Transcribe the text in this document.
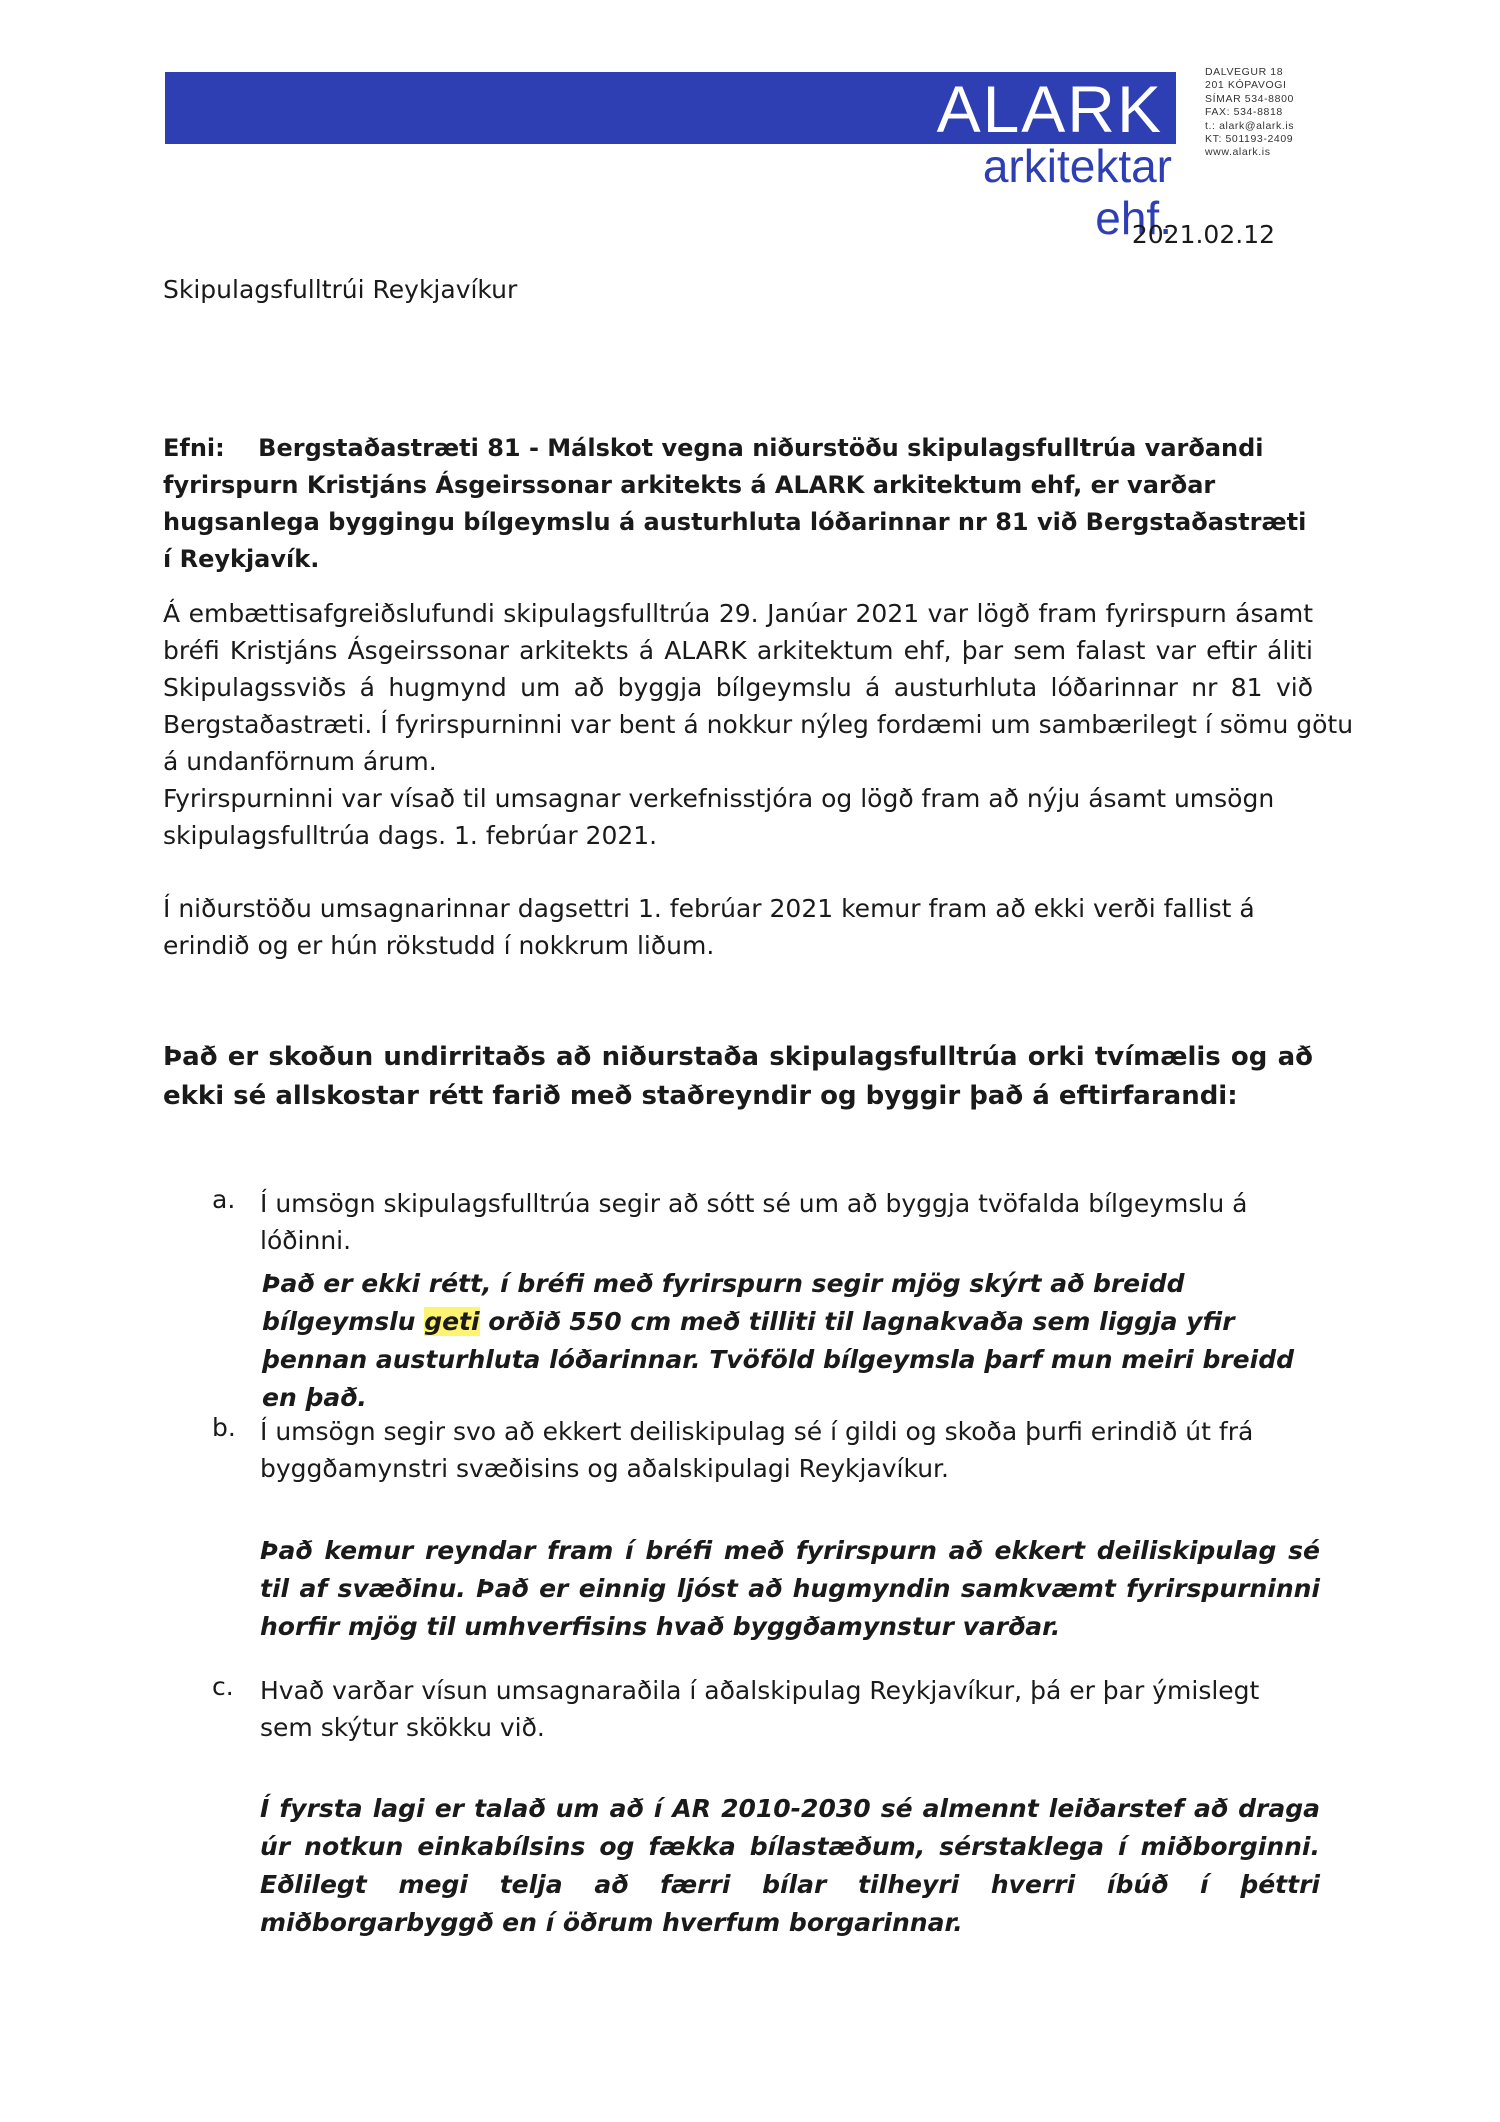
ALARK
arkitektar ehf.
DALVEGUR 18
201 KÓPAVOGI
SÍMAR 534-8800
FAX: 534-8818
t.: alark@alark.is
KT: 501193-2409
www.alark.is
2021.02.12
Skipulagsfulltrúi Reykjavíkur
Efni: Bergstaðastræti 81 - Málskot vegna niðurstöðu skipulagsfulltrúa varðandi fyrirspurn Kristjáns Ásgeirssonar arkitekts á ALARK arkitektum ehf, er varðar hugsanlega byggingu bílgeymslu á austurhluta lóðarinnar nr 81 við Bergstaðastræti í Reykjavík.
Á embættisafgreiðslufundi skipulagsfulltrúa 29. Janúar 2021 var lögð fram fyrirspurn ásamt
bréfi Kristjáns Ásgeirssonar arkitekts á ALARK arkitektum ehf, þar sem falast var eftir áliti
Skipulagssviðs á hugmynd um að byggja bílgeymslu á austurhluta lóðarinnar nr 81 við
Bergstaðastræti. Í fyrirspurninni var bent á nokkur nýleg fordæmi um sambærilegt í sömu götu
á undanförnum árum.
Fyrirspurninni var vísað til umsagnar verkefnisstjóra og lögð fram að nýju ásamt umsögn skipulagsfulltrúa dags. 1. febrúar 2021.
Í niðurstöðu umsagnarinnar dagsettri 1. febrúar 2021 kemur fram að ekki verði fallist á erindið og er hún rökstudd í nokkrum liðum.
Það er skoðun undirritaðs að niðurstaða skipulagsfulltrúa orki tvímælis og að ekki sé allskostar rétt farið með staðreyndir og byggir það á eftirfarandi:
a. Í umsögn skipulagsfulltrúa segir að sótt sé um að byggja tvöfalda bílgeymslu á lóðinni.
Það er ekki rétt, í bréfi með fyrirspurn segir mjög skýrt að breidd bílgeymslu geti orðið 550 cm með tilliti til lagnakvaða sem liggja yfir þennan austurhluta lóðarinnar. Tvöföld bílgeymsla þarf mun meiri breidd en það.
b. Í umsögn segir svo að ekkert deiliskipulag sé í gildi og skoða þurfi erindið út frá byggðamynstri svæðisins og aðalskipulagi Reykjavíkur.
Það kemur reyndar fram í bréfi með fyrirspurn að ekkert deiliskipulag sé til af svæðinu. Það er einnig ljóst að hugmyndin samkvæmt fyrirspurninni horfir mjög til umhverfisins hvað byggðamynstur varðar.
c. Hvað varðar vísun umsagnaraðila í aðalskipulag Reykjavíkur, þá er þar ýmislegt sem skýtur skökku við.
Í fyrsta lagi er talað um að í AR 2010-2030 sé almennt leiðarstef að draga úr notkun einkabílsins og fækka bílastæðum, sérstaklega í miðborginni. Eðlilegt megi telja að færri bílar tilheyri hverri íbúð í þéttri miðborgarbyggð en í öðrum hverfum borgarinnar.
